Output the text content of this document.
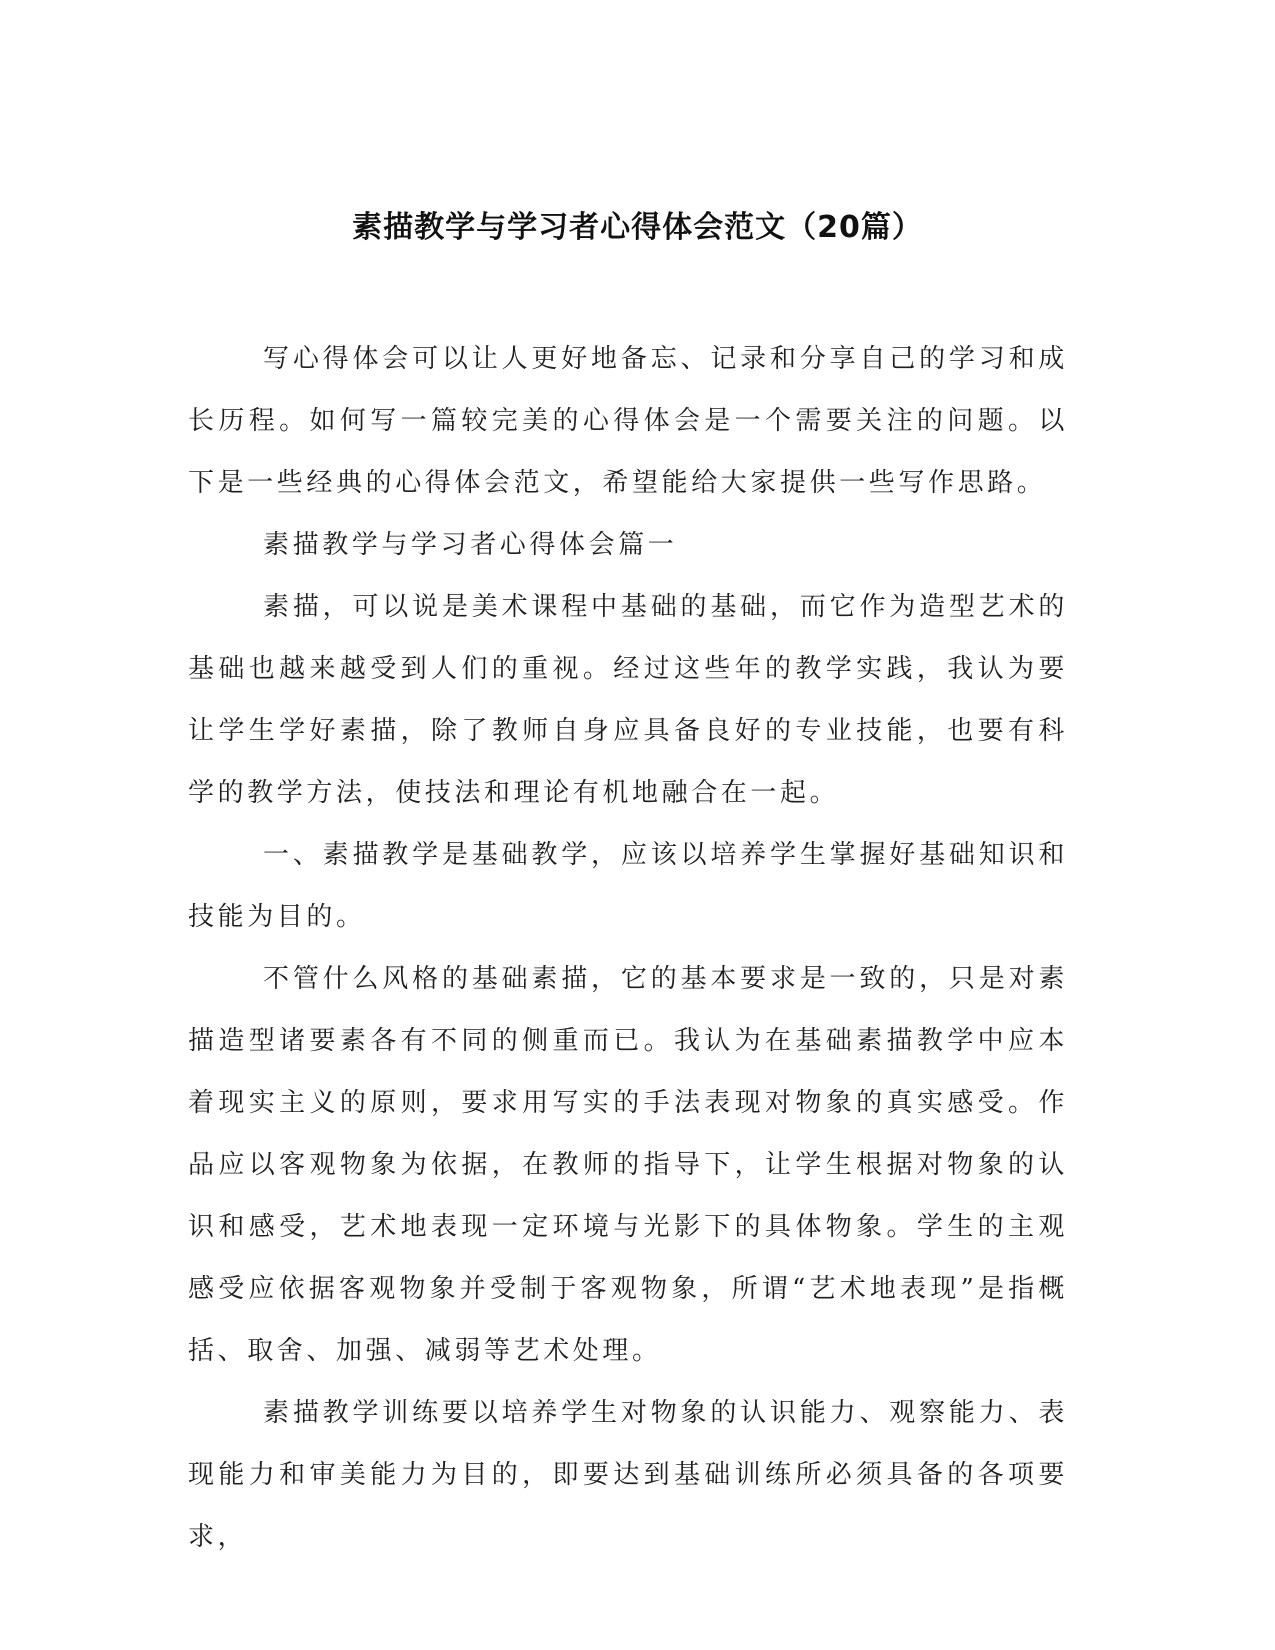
素描教学与学习者心得体会范文（20篇）

写心得体会可以让人更好地备忘、记录和分享自己的学习和成长历程。如何写一篇较完美的心得体会是一个需要关注的问题。以下是一些经典的心得体会范文，希望能给大家提供一些写作思路。

素描教学与学习者心得体会篇一

素描，可以说是美术课程中基础的基础，而它作为造型艺术的基础也越来越受到人们的重视。经过这些年的教学实践，我认为要让学生学好素描，除了教师自身应具备良好的专业技能，也要有科学的教学方法，使技法和理论有机地融合在一起。

一、素描教学是基础教学，应该以培养学生掌握好基础知识和技能为目的。

不管什么风格的基础素描，它的基本要求是一致的，只是对素描造型诸要素各有不同的侧重而已。我认为在基础素描教学中应本着现实主义的原则，要求用写实的手法表现对物象的真实感受。作品应以客观物象为依据，在教师的指导下，让学生根据对物象的认识和感受，艺术地表现一定环境与光影下的具体物象。学生的主观感受应依据客观物象并受制于客观物象，所谓“艺术地表现”是指概括、取舍、加强、减弱等艺术处理。

素描教学训练要以培养学生对物象的认识能力、观察能力、表现能力和审美能力为目的，即要达到基础训练所必须具备的各项要求，
